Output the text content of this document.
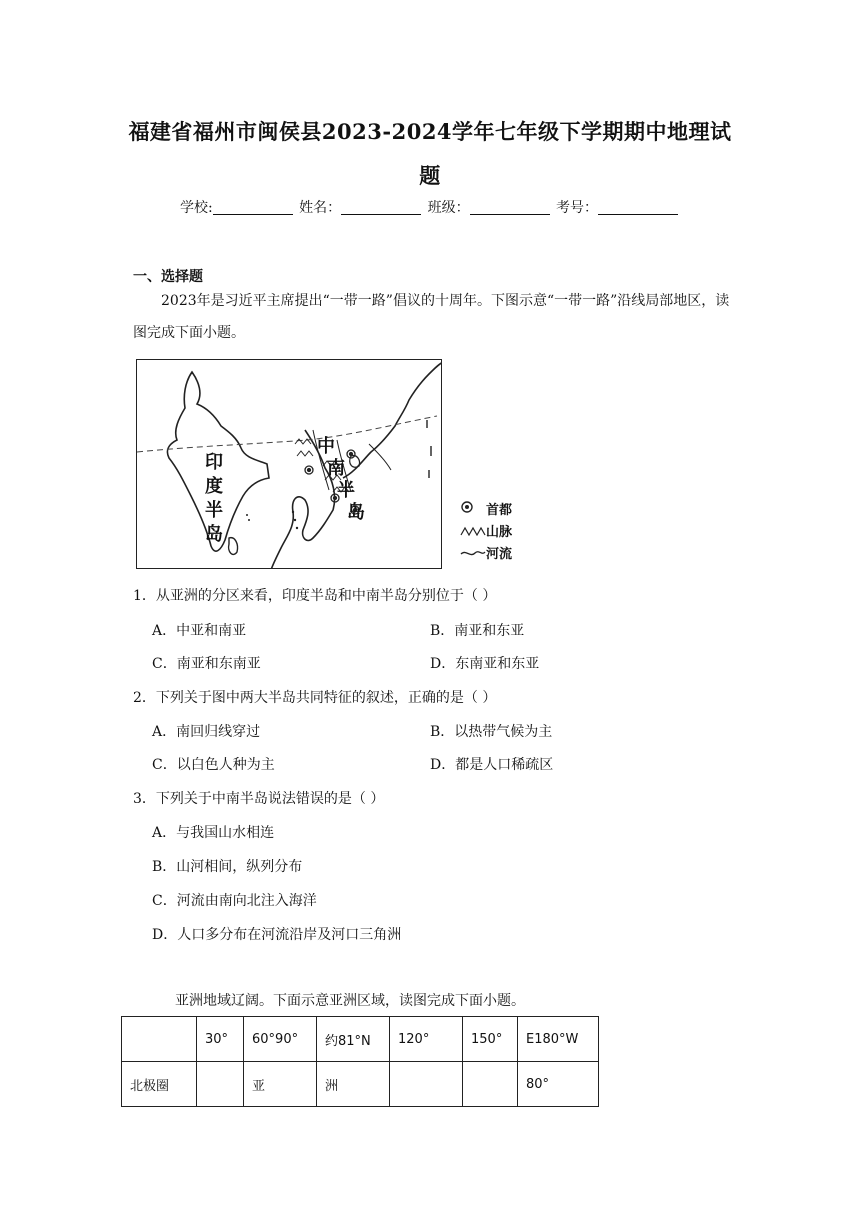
福建省福州市闽侯县2023-2024学年七年级下学期期中地理试
题
学校:	姓名：	班级：	考号：
一、选择题
2023年是习近平主席提出“一带一路”倡议的十周年。下图示意“一带一路”沿线局部地区，读图完成下面小题。
印
度
半
岛
中
南
半
岛	首都
山脉
河流
1．从亚洲的分区来看，印度半岛和中南半岛分别位于（ ）
A．中亚和南亚	B．南亚和东亚
C．南亚和东南亚	D．东南亚和东亚
2．下列关于图中两大半岛共同特征的叙述，正确的是（ ）
A．南回归线穿过	B．以热带气候为主
C．以白色人种为主	D．都是人口稀疏区
3．下列关于中南半岛说法错误的是（ ）
A．与我国山水相连
B．山河相间，纵列分布
C．河流由南向北注入海洋
D．人口多分布在河流沿岸及河口三角洲
亚洲地域辽阔。下面示意亚洲区域，读图完成下面小题。
	30°	60°90°	约81°N	120°	150°	E180°W
北极圈		亚	洲			80°
